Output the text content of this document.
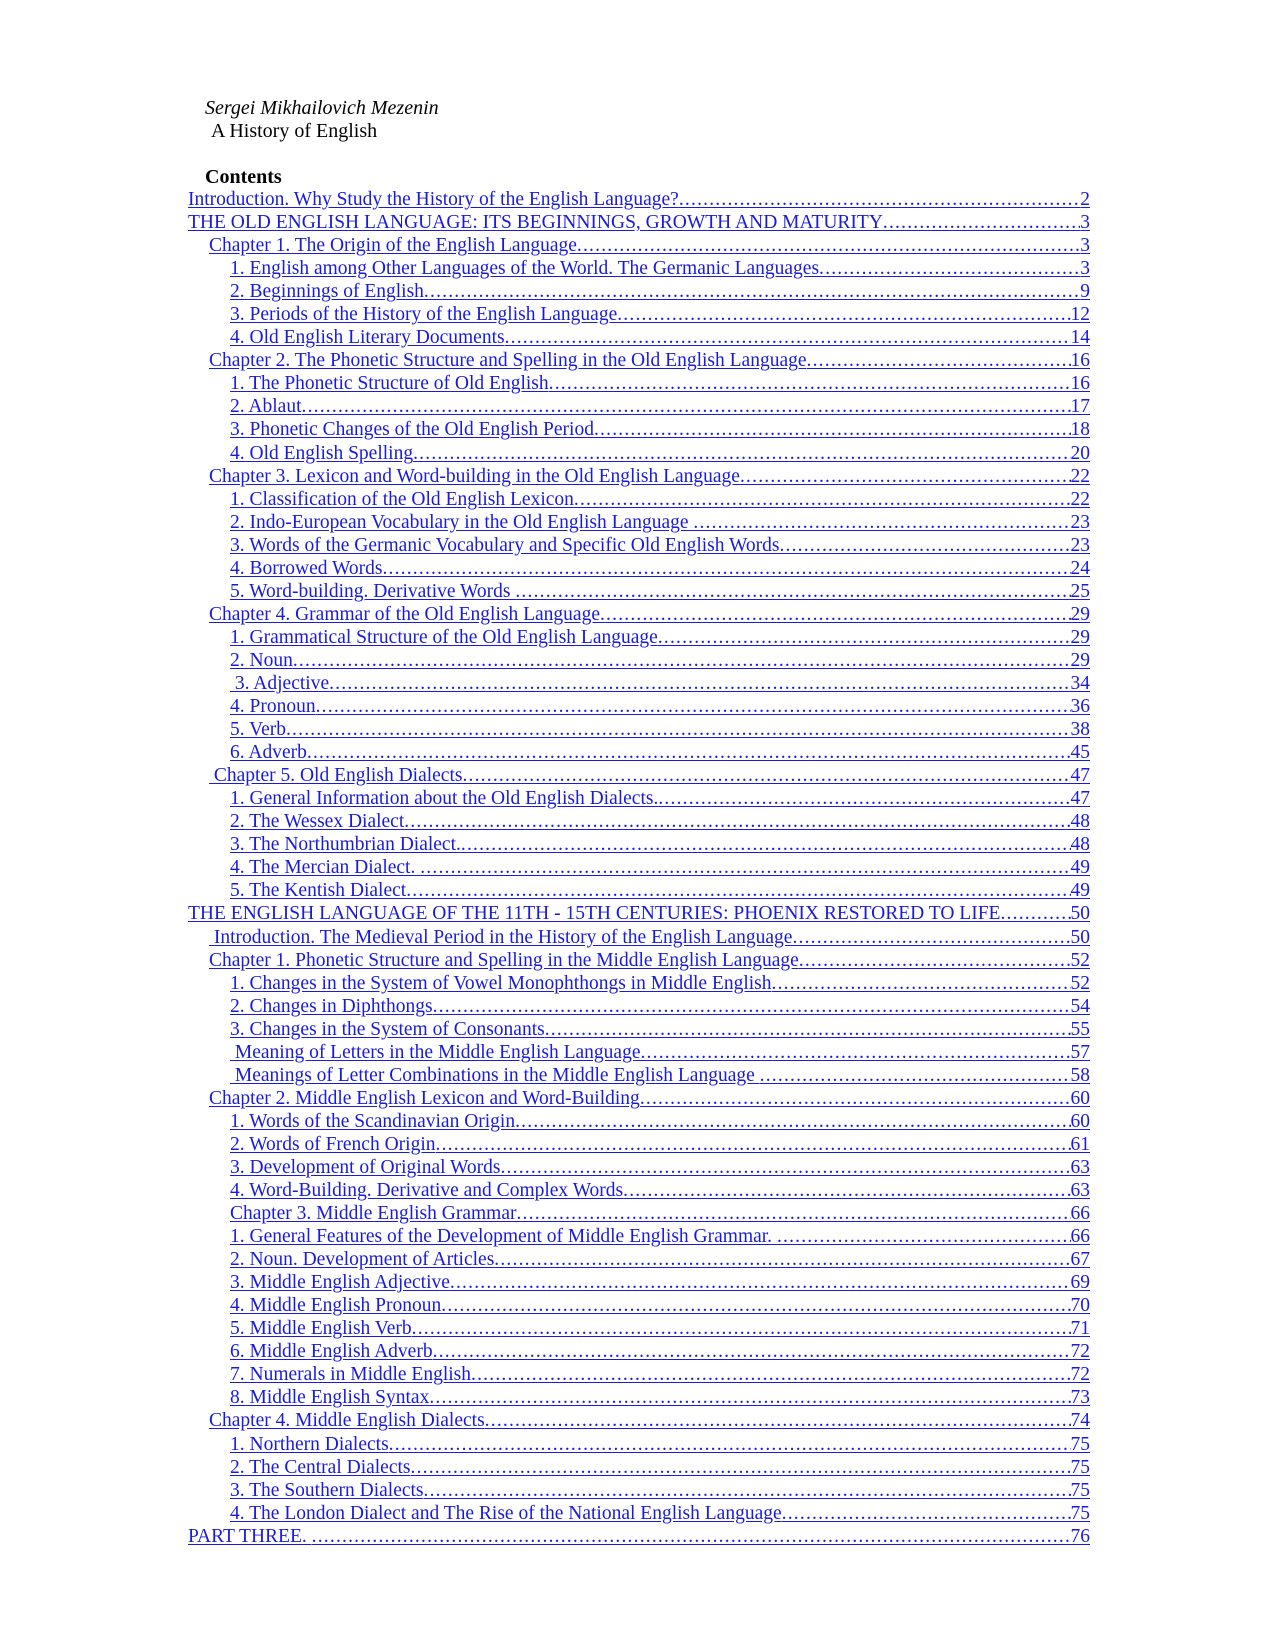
Sergei Mikhailovich Mezenin
A History of English
Contents
Introduction. Why Study the History of the English Language? .....	2
THE OLD ENGLISH LANGUAGE: ITS BEGINNINGS, GROWTH AND MATURITY .....	3
Chapter 1. The Origin of the English Language .....	3
1. English among Other Languages of the World. The Germanic Languages .....	3
2. Beginnings of English .....	9
3. Periods of the History of the English Language .....	12
4. Old English Literary Documents .....	14
Chapter 2. The Phonetic Structure and Spelling in the Old English Language .....	16
1. The Phonetic Structure of Old English .....	16
2. Ablaut .....	17
3. Phonetic Changes of the Old English Period .....	18
4. Old English Spelling .....	20
Chapter 3. Lexicon and Word-building in the Old English Language .....	22
1. Classification of the Old English Lexicon .....	22
2. Indo-European Vocabulary in the Old English Language .....	23
3. Words of the Germanic Vocabulary and Specific Old English Words .....	23
4. Borrowed Words .....	24
5. Word-building. Derivative Words .....	25
Chapter 4. Grammar of the Old English Language .....	29
1. Grammatical Structure of the Old English Language .....	29
2. Noun .....	29
3. Adjective .....	34
4. Pronoun .....	36
5. Verb .....	38
6. Adverb .....	45
Chapter 5. Old English Dialects .....	47
1. General Information about the Old English Dialects. .....	47
2. The Wessex Dialect .....	48
3. The Northumbrian Dialect. .....	48
4. The Mercian Dialect. .....	49
5. The Kentish Dialect .....	49
THE ENGLISH LANGUAGE OF THE 11TH - 15TH CENTURIES: PHOENIX RESTORED TO LIFE .....	50
Introduction. The Medieval Period in the History of the English Language .....	50
Chapter 1. Phonetic Structure and Spelling in the Middle English Language .....	52
1. Changes in the System of Vowel Monophthongs in Middle English .....	52
2. Changes in Diphthongs .....	54
3. Changes in the System of Consonants .....	55
Meaning of Letters in the Middle English Language .....	57
Meanings of Letter Combinations in the Middle English Language .....	58
Chapter 2. Middle English Lexicon and Word-Building .....	60
1. Words of the Scandinavian Origin .....	60
2. Words of French Origin .....	61
3. Development of Original Words .....	63
4. Word-Building. Derivative and Complex Words .....	63
Chapter 3. Middle English Grammar .....	66
1. General Features of the Development of Middle English Grammar. .....	66
2. Noun. Development of Articles .....	67
3. Middle English Adjective .....	69
4. Middle English Pronoun .....	70
5. Middle English Verb .....	71
6. Middle English Adverb .....	72
7. Numerals in Middle English .....	72
8. Middle English Syntax .....	73
Chapter 4. Middle English Dialects .....	74
1. Northern Dialects .....	75
2. The Central Dialects .....	75
3. The Southern Dialects .....	75
4. The London Dialect and The Rise of the National English Language .....	75
PART THREE. .....	76
